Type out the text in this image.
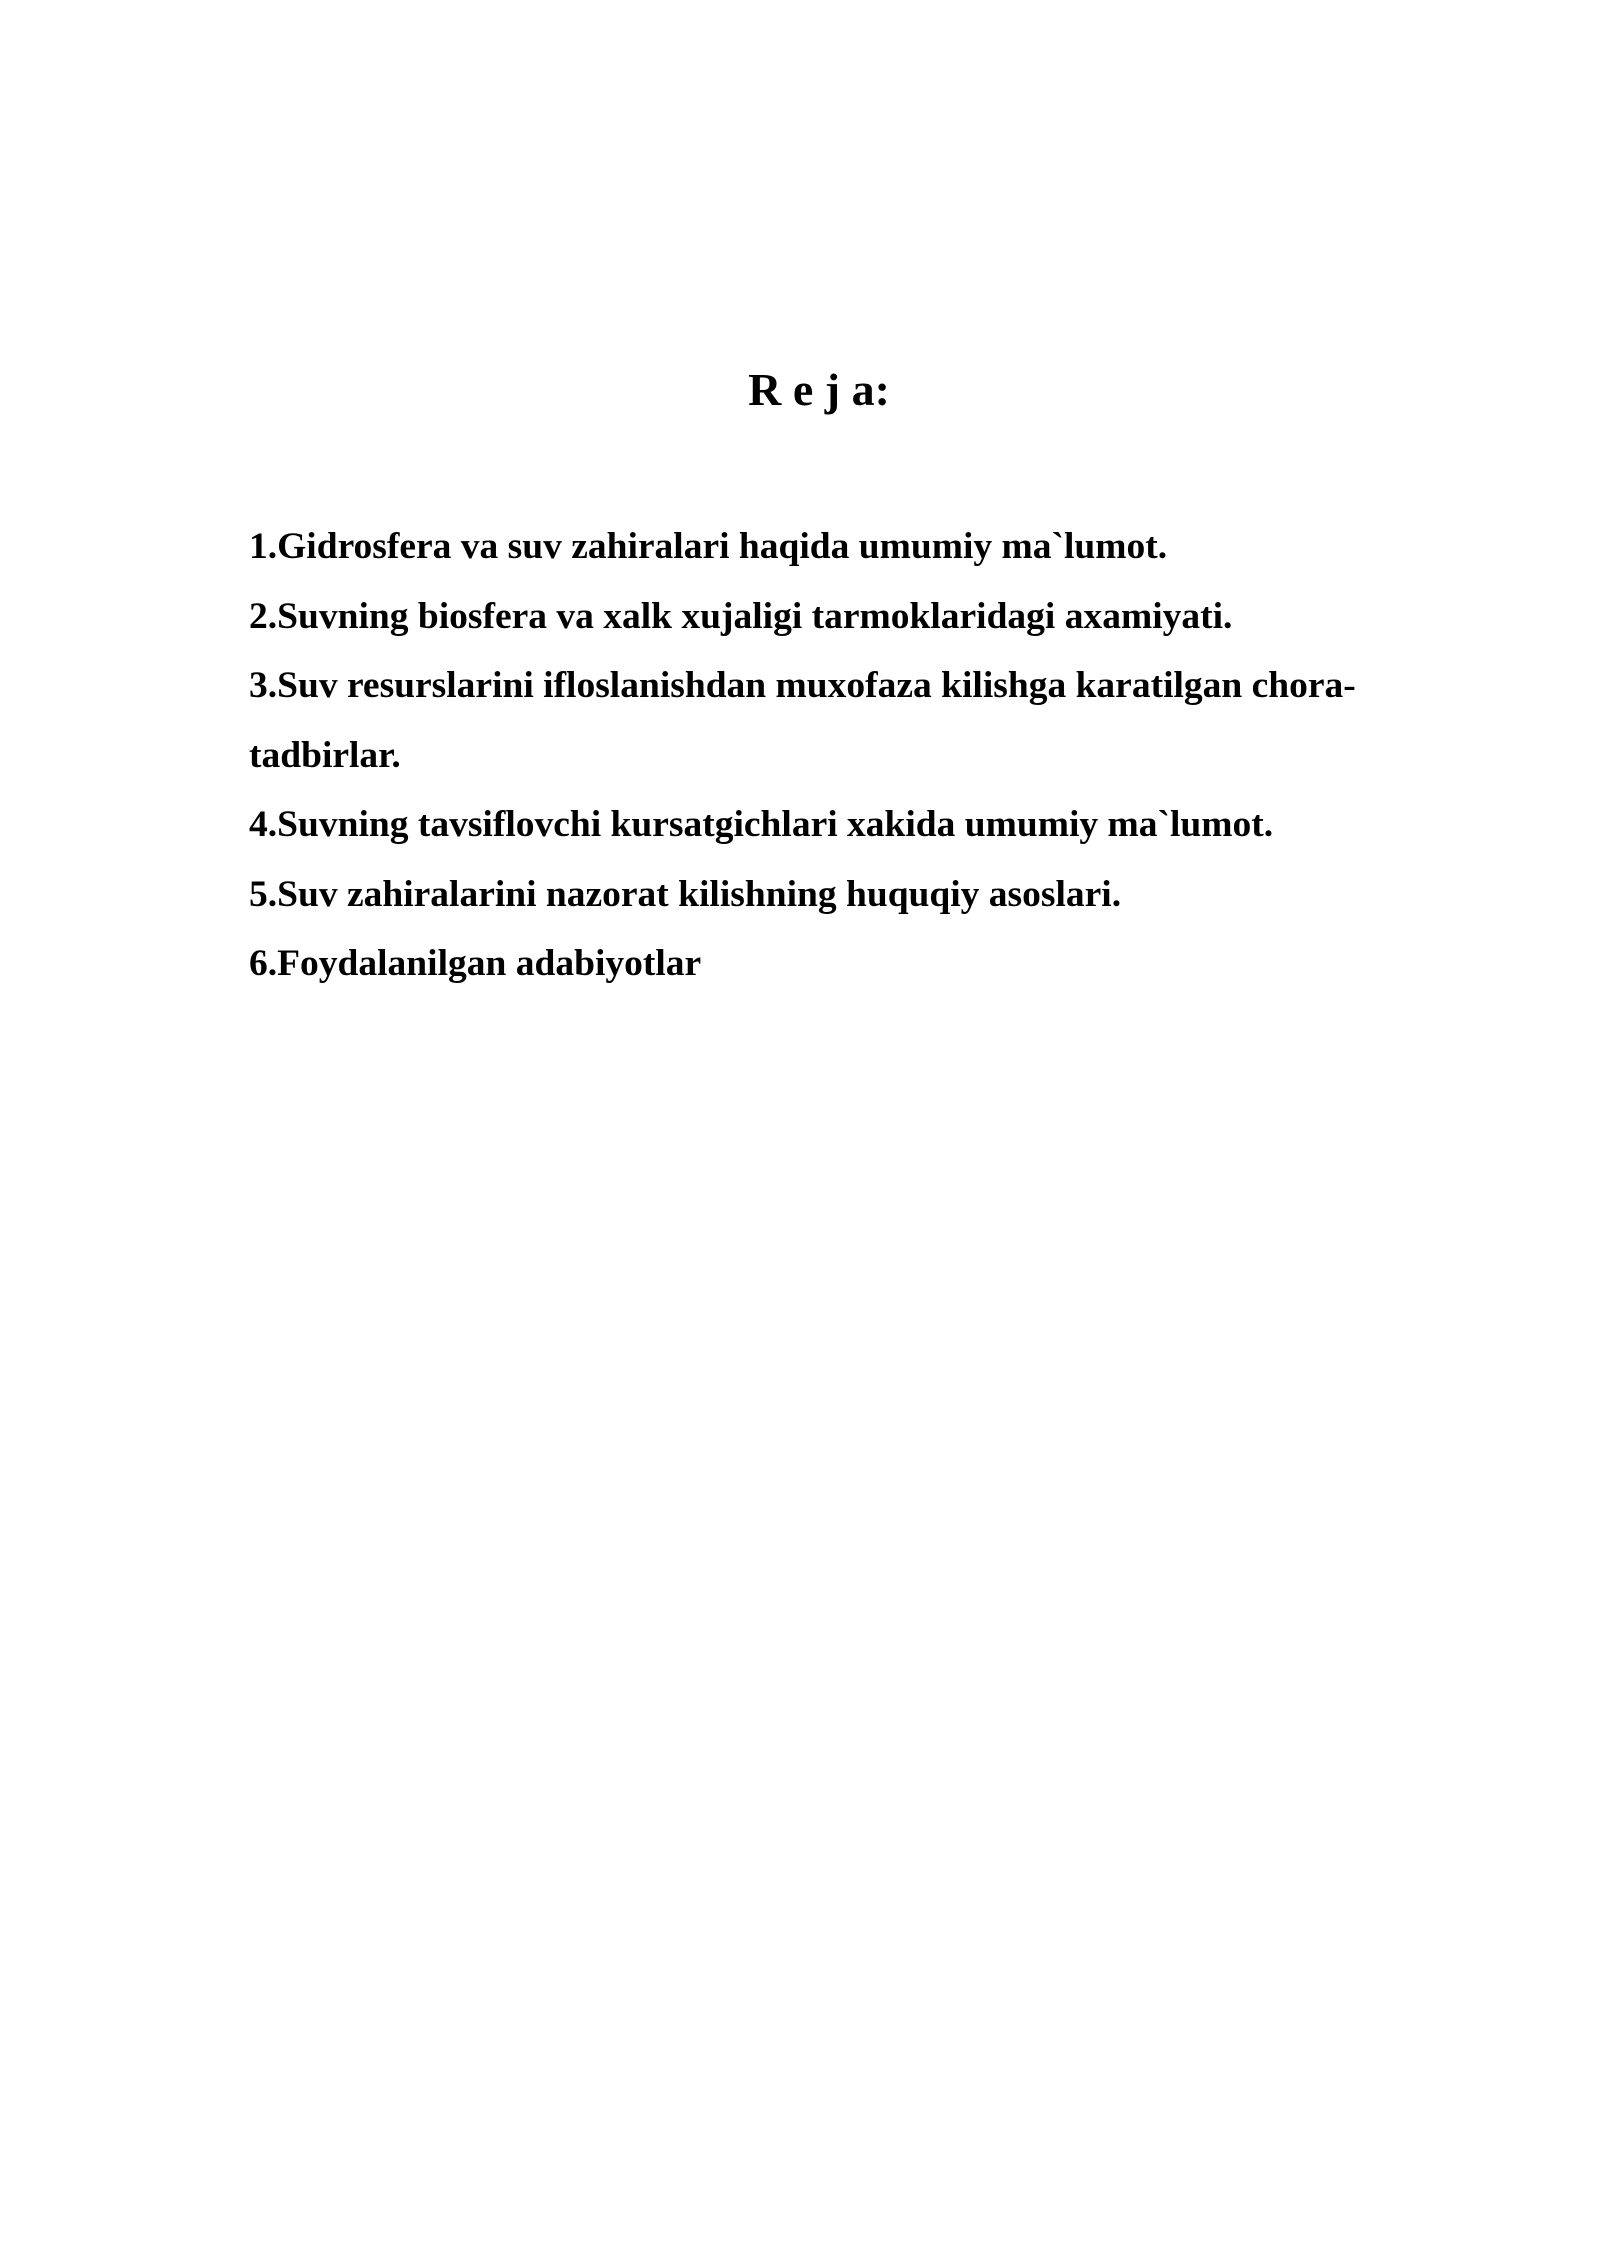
R e j a:
1.Gidrosfera va suv zahiralari haqida umumiy ma`lumot.
2.Suvning biosfera va xalk xujaligi tarmoklaridagi axamiyati.
3.Suv resurslarini ifloslanishdan muxofaza kilishga karatilgan chora-tadbirlar.
4.Suvning tavsiflovchi kursatgichlari xakida umumiy ma`lumot.
5.Suv zahiralarini nazorat kilishning huquqiy asoslari.
6.Foydalanilgan adabiyotlar
